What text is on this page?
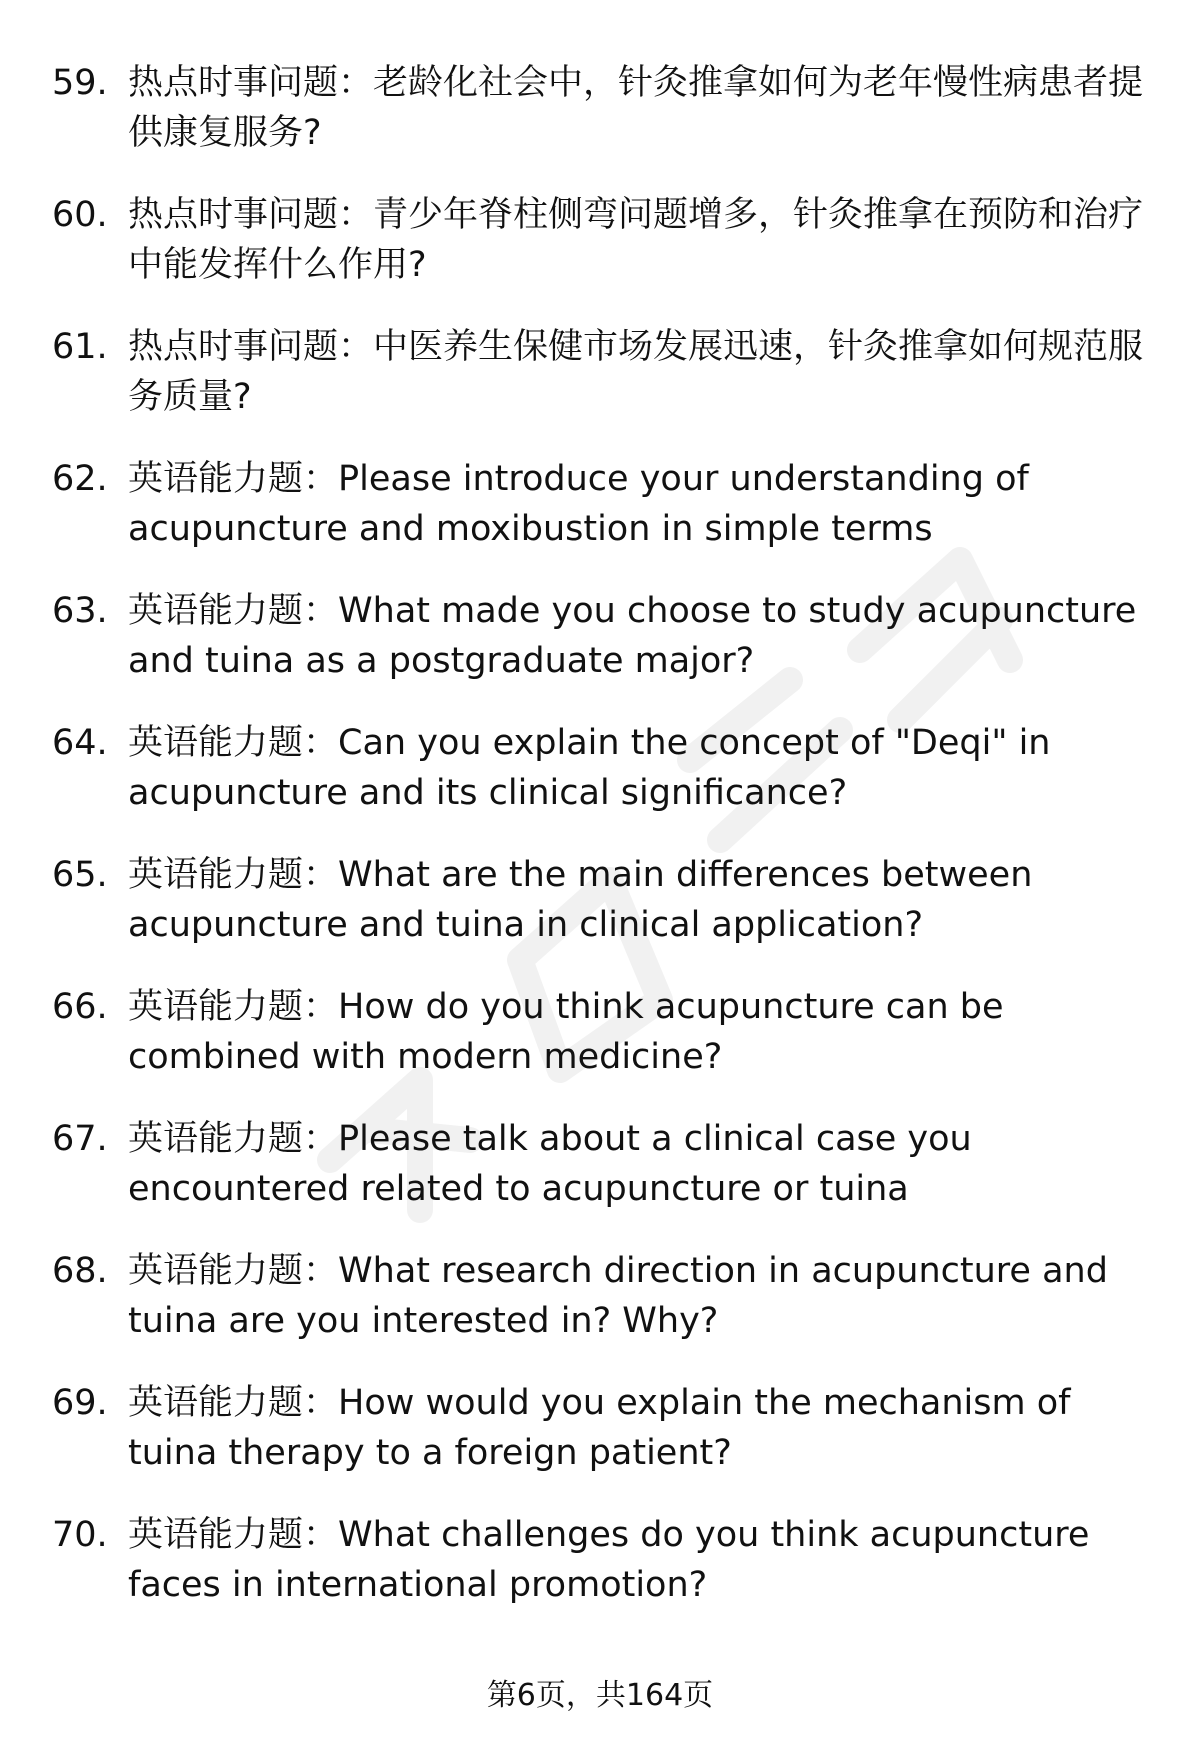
59. 热点时事问题：老龄化社会中，针灸推拿如何为老年慢性病患者提供康复服务?
60. 热点时事问题：青少年脊柱侧弯问题增多，针灸推拿在预防和治疗中能发挥什么作用?
61. 热点时事问题：中医养生保健市场发展迅速，针灸推拿如何规范服务质量?
62. 英语能力题：Please introduce your understanding of acupuncture and moxibustion in simple terms
63. 英语能力题：What made you choose to study acupuncture and tuina as a postgraduate major?
64. 英语能力题：Can you explain the concept of "Deqi" in acupuncture and its clinical significance?
65. 英语能力题：What are the main differences between acupuncture and tuina in clinical application?
66. 英语能力题：How do you think acupuncture can be combined with modern medicine?
67. 英语能力题：Please talk about a clinical case you encountered related to acupuncture or tuina
68. 英语能力题：What research direction in acupuncture and tuina are you interested in? Why?
69. 英语能力题：How would you explain the mechanism of tuina therapy to a foreign patient?
70. 英语能力题：What challenges do you think acupuncture faces in international promotion?
第6页，共164页
